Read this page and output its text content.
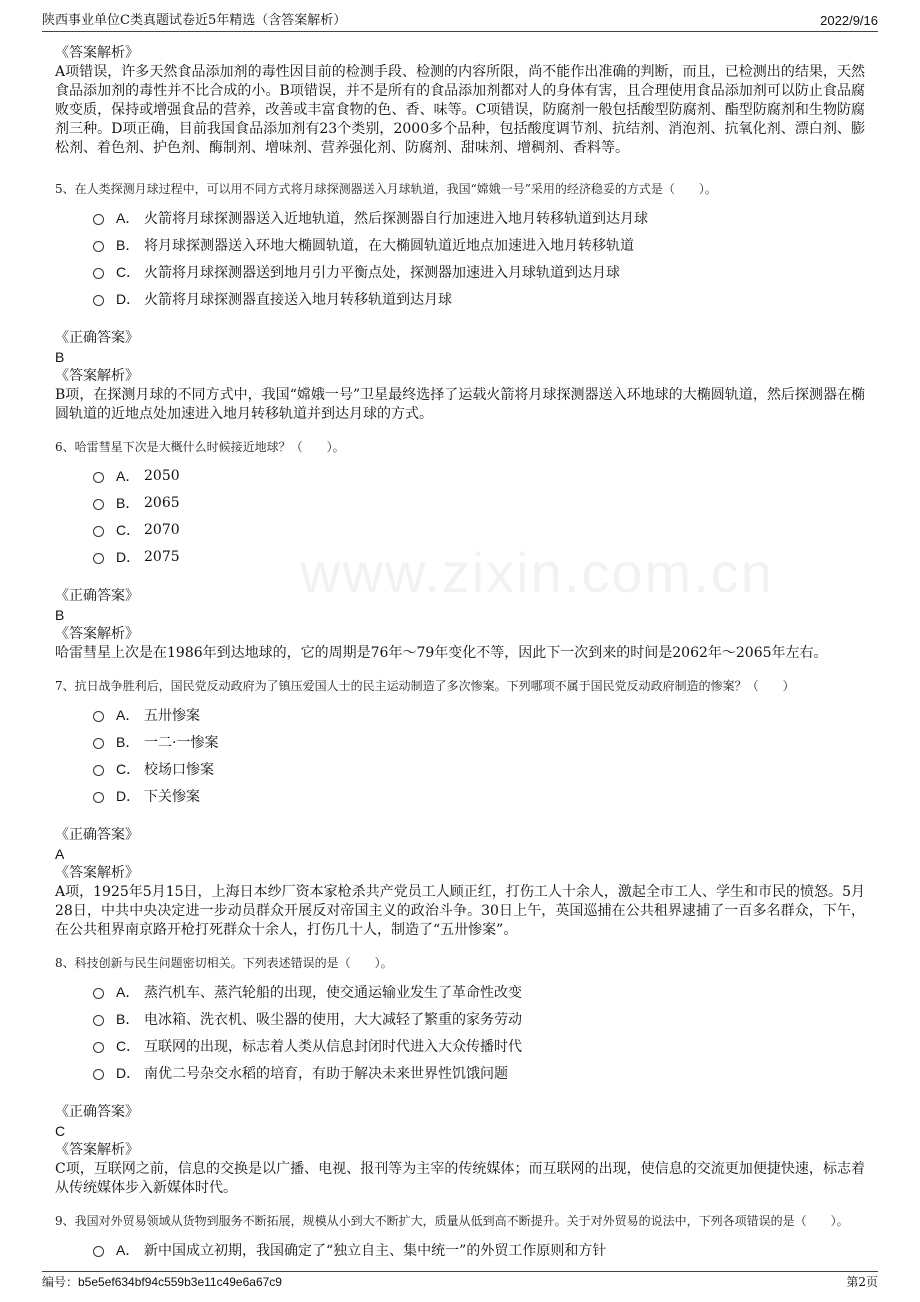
陕西事业单位C类真题试卷近5年精选（含答案解析）	2022/9/16
www.zixin.com.cn
《答案解析》
A项错误，许多天然食品添加剂的毒性因目前的检测手段、检测的内容所限，尚不能作出准确的判断，而且，已检测出的结果，天然食品添加剂的毒性并不比合成的小。B项错误，并不是所有的食品添加剂都对人的身体有害，且合理使用食品添加剂可以防止食品腐败变质，保持或增强食品的营养，改善或丰富食物的色、香、味等。C项错误，防腐剂一般包括酸型防腐剂、酯型防腐剂和生物防腐剂三种。D项正确，目前我国食品添加剂有23个类别，2000多个品种，包括酸度调节剂、抗结剂、消泡剂、抗氧化剂、漂白剂、膨松剂、着色剂、护色剂、酶制剂、增味剂、营养强化剂、防腐剂、甜味剂、增稠剂、香料等。
5、在人类探测月球过程中，可以用不同方式将月球探测器送入月球轨道，我国“嫦娥一号”采用的经济稳妥的方式是（　　）。
A． 火箭将月球探测器送入近地轨道，然后探测器自行加速进入地月转移轨道到达月球
B． 将月球探测器送入环地大椭圆轨道，在大椭圆轨道近地点加速进入地月转移轨道
C． 火箭将月球探测器送到地月引力平衡点处，探测器加速进入月球轨道到达月球
D． 火箭将月球探测器直接送入地月转移轨道到达月球
《正确答案》
B
《答案解析》
B项，在探测月球的不同方式中，我国“嫦娥一号”卫星最终选择了运载火箭将月球探测器送入环地球的大椭圆轨道，然后探测器在椭圆轨道的近地点处加速进入地月转移轨道并到达月球的方式。
6、哈雷彗星下次是大概什么时候接近地球？（　　）。
A． 2050
B． 2065
C． 2070
D． 2075
《正确答案》
B
《答案解析》
哈雷彗星上次是在1986年到达地球的，它的周期是76年～79年变化不等，因此下一次到来的时间是2062年～2065年左右。
7、抗日战争胜利后，国民党反动政府为了镇压爱国人士的民主运动制造了多次惨案。下列哪项不属于国民党反动政府制造的惨案？（　　）
A． 五卅惨案
B． 一二·一惨案
C． 校场口惨案
D． 下关惨案
《正确答案》
A
《答案解析》
A项，1925年5月15日，上海日本纱厂资本家枪杀共产党员工人顾正红，打伤工人十余人，激起全市工人、学生和市民的愤怒。5月28日，中共中央决定进一步动员群众开展反对帝国主义的政治斗争。30日上午，英国巡捕在公共租界逮捕了一百多名群众，下午，在公共租界南京路开枪打死群众十余人，打伤几十人，制造了“五卅惨案”。
8、科技创新与民生问题密切相关。下列表述错误的是（　　）。
A． 蒸汽机车、蒸汽轮船的出现，使交通运输业发生了革命性改变
B． 电冰箱、洗衣机、吸尘器的使用，大大减轻了繁重的家务劳动
C． 互联网的出现，标志着人类从信息封闭时代进入大众传播时代
D． 南优二号杂交水稻的培育，有助于解决未来世界性饥饿问题
《正确答案》
C
《答案解析》
C项，互联网之前，信息的交换是以广播、电视、报刊等为主宰的传统媒体；而互联网的出现，使信息的交流更加便捷快速，标志着从传统媒体步入新媒体时代。
9、我国对外贸易领域从货物到服务不断拓展，规模从小到大不断扩大，质量从低到高不断提升。关于对外贸易的说法中，下列各项错误的是（　　）。
A． 新中国成立初期，我国确定了“独立自主、集中统一”的外贸工作原则和方针
编号：b5e5ef634bf94c559b3e11c49e6a67c9	第2页
